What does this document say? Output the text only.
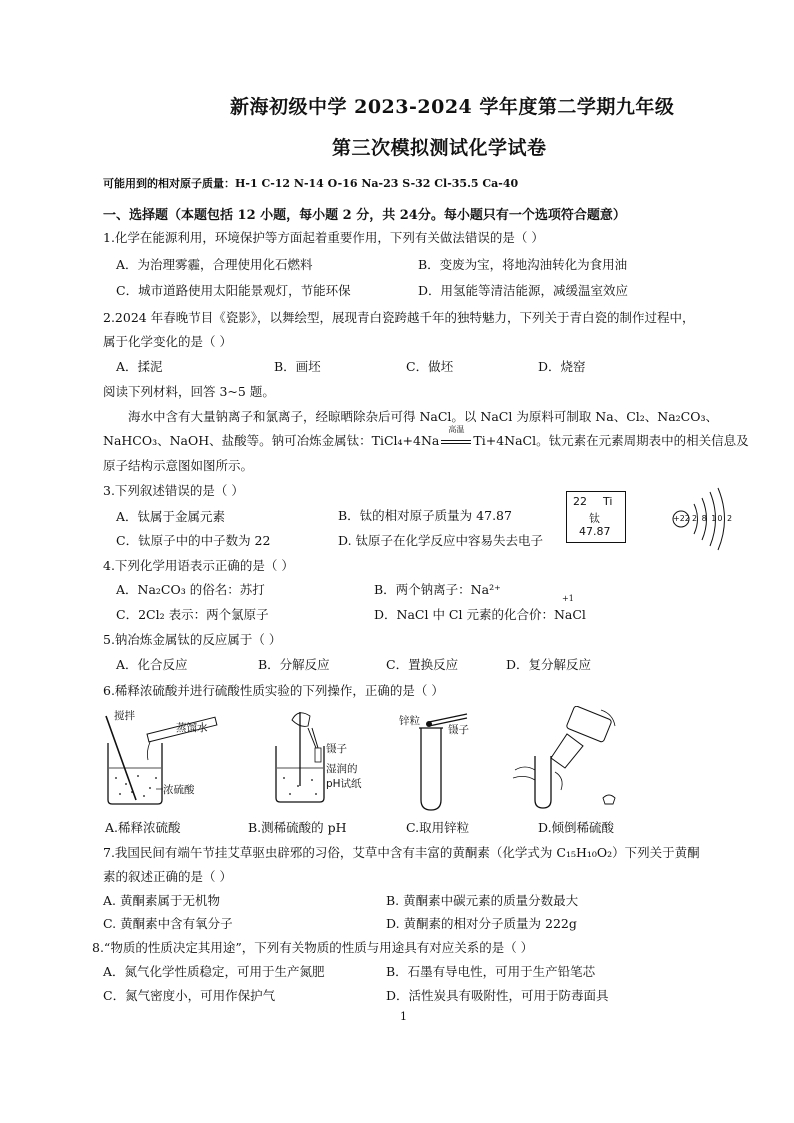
新海初级中学 2023-2024 学年度第二学期九年级
第三次模拟测试化学试卷
可能用到的相对原子质量：H-1 C-12 N-14 O-16 Na-23 S-32 Cl-35.5 Ca-40
一、选择题（本题包括 12 小题，每小题 2 分，共 24分。每小题只有一个选项符合题意）
1.化学在能源利用，环境保护等方面起着重要作用，下列有关做法错误的是（ ）
A．为治理雾霾，合理使用化石燃料	B．变废为宝，将地沟油转化为食用油
C．城市道路使用太阳能景观灯，节能环保	D．用氢能等清洁能源，减缓温室效应
2.2024 年春晚节目《瓷影》，以舞绘型，展现青白瓷跨越千年的独特魅力，下列关于青白瓷的制作过程中，
属于化学变化的是（ ）
A．揉泥	B．画坯	C．做坯	D．烧窑
阅读下列材料，回答 3~5 题。
海水中含有大量钠离子和氯离子，经晾晒除杂后可得 NaCl。以 NaCl 为原料可制取 Na、Cl₂、Na₂CO₃、
NaHCO₃、NaOH、盐酸等。钠可冶炼金属钛：TiCl₄+4Na
高温
Ti+4NaCl。钛元素在元素周期表中的相关信息及
原子结构示意图如图所示。
3.下列叙述错误的是（ ）
A．钛属于金属元素	B．钛的相对原子质量为 47.87
C．钛原子中的中子数为 22	D. 钛原子在化学反应中容易失去电子
22 Ti
钛
47.87
+22 2 8 10 2
4.下列化学用语表示正确的是（ ）
A．Na₂CO₃ 的俗名：苏打	B．两个钠离子：Na²⁺
C．2Cl₂ 表示：两个氯原子	D．NaCl 中 Cl 元素的化合价：NaCl
+1
5.钠冶炼金属钛的反应属于（ ）
A．化合反应	B．分解反应	C．置换反应	D．复分解反应
6.稀释浓硫酸并进行硫酸性质实验的下列操作，正确的是（ ）
搅拌
蒸馏水
浓硫酸
镊子
湿润的
pH试纸
锌粒
镊子
A.稀释浓硫酸	B.测稀硫酸的 pH	C.取用锌粒	D.倾倒稀硫酸
7.我国民间有端午节挂艾草驱虫辟邪的习俗，艾草中含有丰富的黄酮素（化学式为 C₁₅H₁₀O₂）下列关于黄酮
素的叙述正确的是（ ）
A. 黄酮素属于无机物	B. 黄酮素中碳元素的质量分数最大
C. 黄酮素中含有氧分子	D. 黄酮素的相对分子质量为 222g
8.“物质的性质决定其用途”，下列有关物质的性质与用途具有对应关系的是（ ）
A．氮气化学性质稳定，可用于生产氮肥	B．石墨有导电性，可用于生产铅笔芯
C．氮气密度小，可用作保护气	D．活性炭具有吸附性，可用于防毒面具
1
